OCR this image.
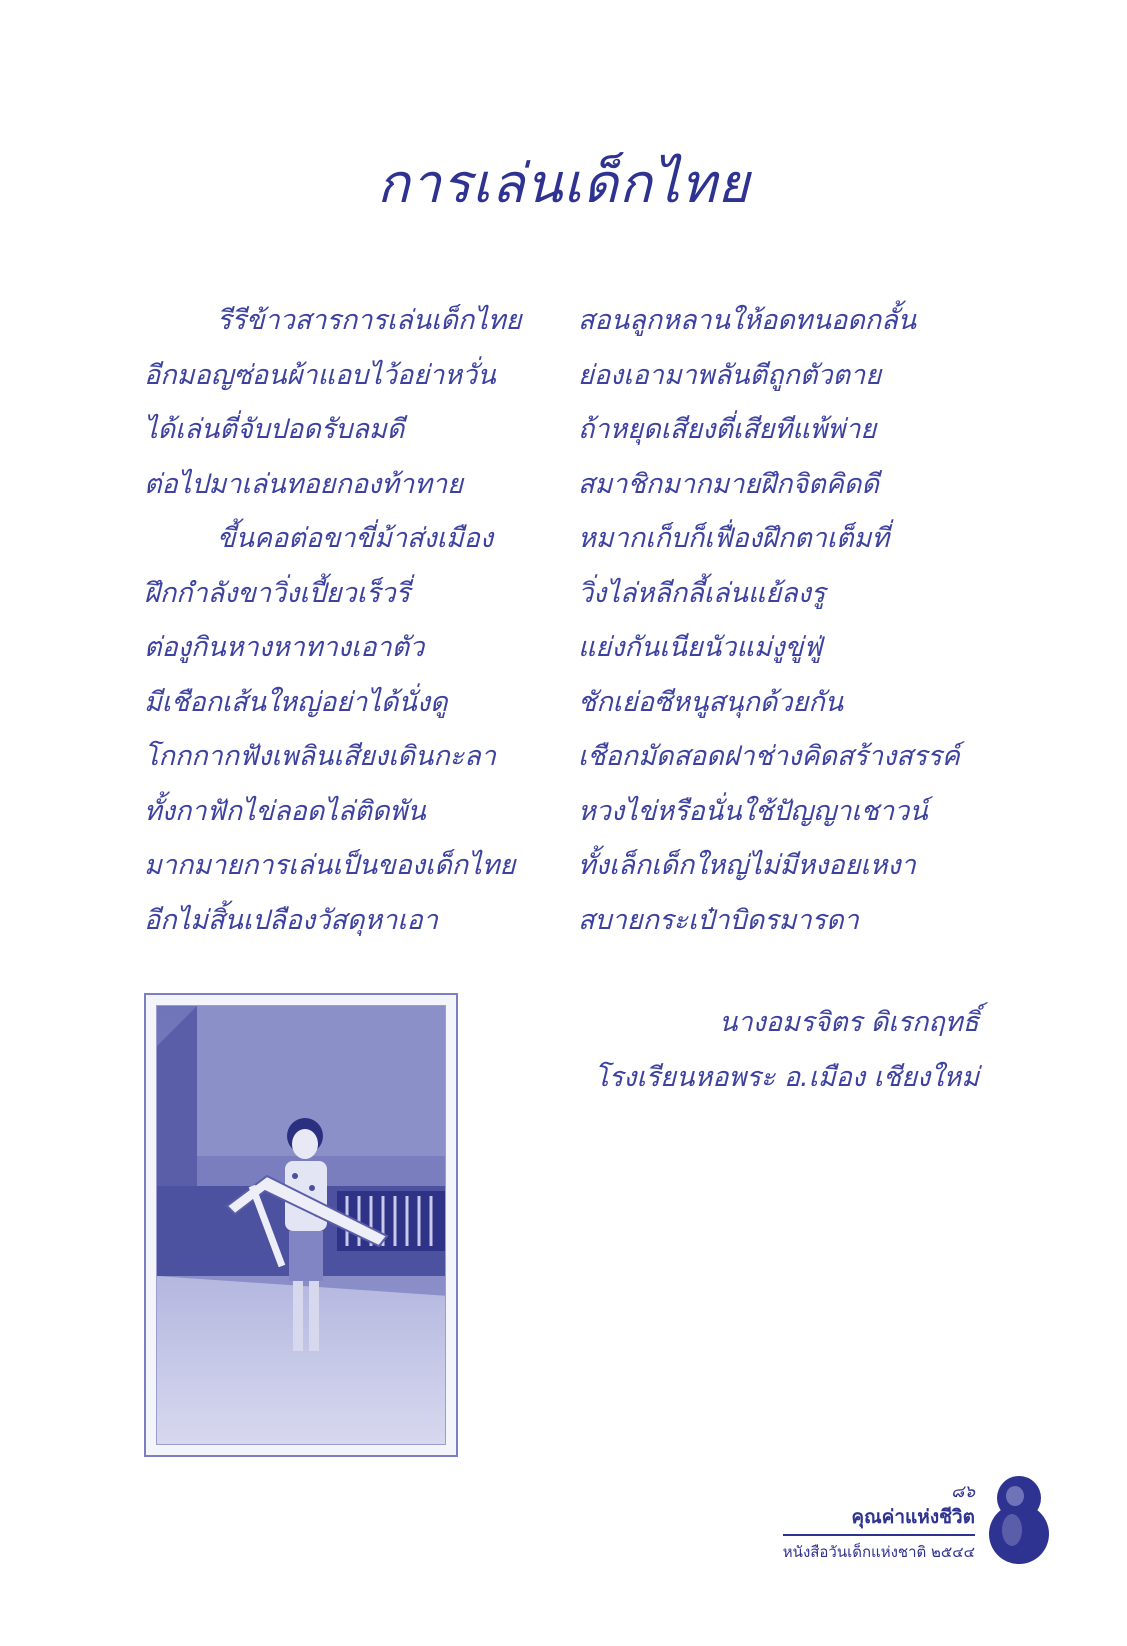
การเล่นเด็กไทย
รีรีข้าวสารการเล่นเด็กไทย สอนลูกหลานให้อดทนอดกลั้น
อีกมอญซ่อนผ้าแอบไว้อย่าหวั่น	ย่องเอามาพลันตีถูกตัวตาย
ได้เล่นตี่จับปอดรับลมดี	ถ้าหยุดเสียงตี่เสียทีแพ้พ่าย
ต่อไปมาเล่นทอยกองท้าทาย	สมาชิกมากมายฝึกจิตคิดดี
ขี้นคอต่อขาขี่ม้าส่งเมือง	หมากเก็บก็เฟื่องฝึกตาเต็มที่
ฝึกกำลังขาวิ่งเปี้ยวเร็วรี่	วิ่งไล่หลีกลี้เล่นแย้ลงรู
ต่องูกินหางหาทางเอาตัว	แย่งกันเนียนัวแม่งูขู่ฟู่
มีเชือกเส้นใหญ่อย่าได้นั่งดู	ชักเย่อซีหนูสนุกด้วยกัน
โกกกากฟังเพลินเสียงเดินกะลา	เชือกมัดสอดฝาช่างคิดสร้างสรรค์
ทั้งกาฟักไข่ลอดไล่ติดพัน	หวงไข่หรือนั่นใช้ปัญญาเชาวน์
มากมายการเล่นเป็นของเด็กไทย ทั้งเล็กเด็กใหญ่ไม่มีหงอยเหงา
อีกไม่สิ้นเปลืองวัสดุหาเอา	สบายกระเป๋าบิดรมารดา
นางอมรจิตร ดิเรกฤทธิ์
โรงเรียนหอพระ อ.เมือง เชียงใหม่
๘๖
คุณค่าแห่งชีวิต
หนังสือวันเด็กแห่งชาติ ๒๕๔๔
